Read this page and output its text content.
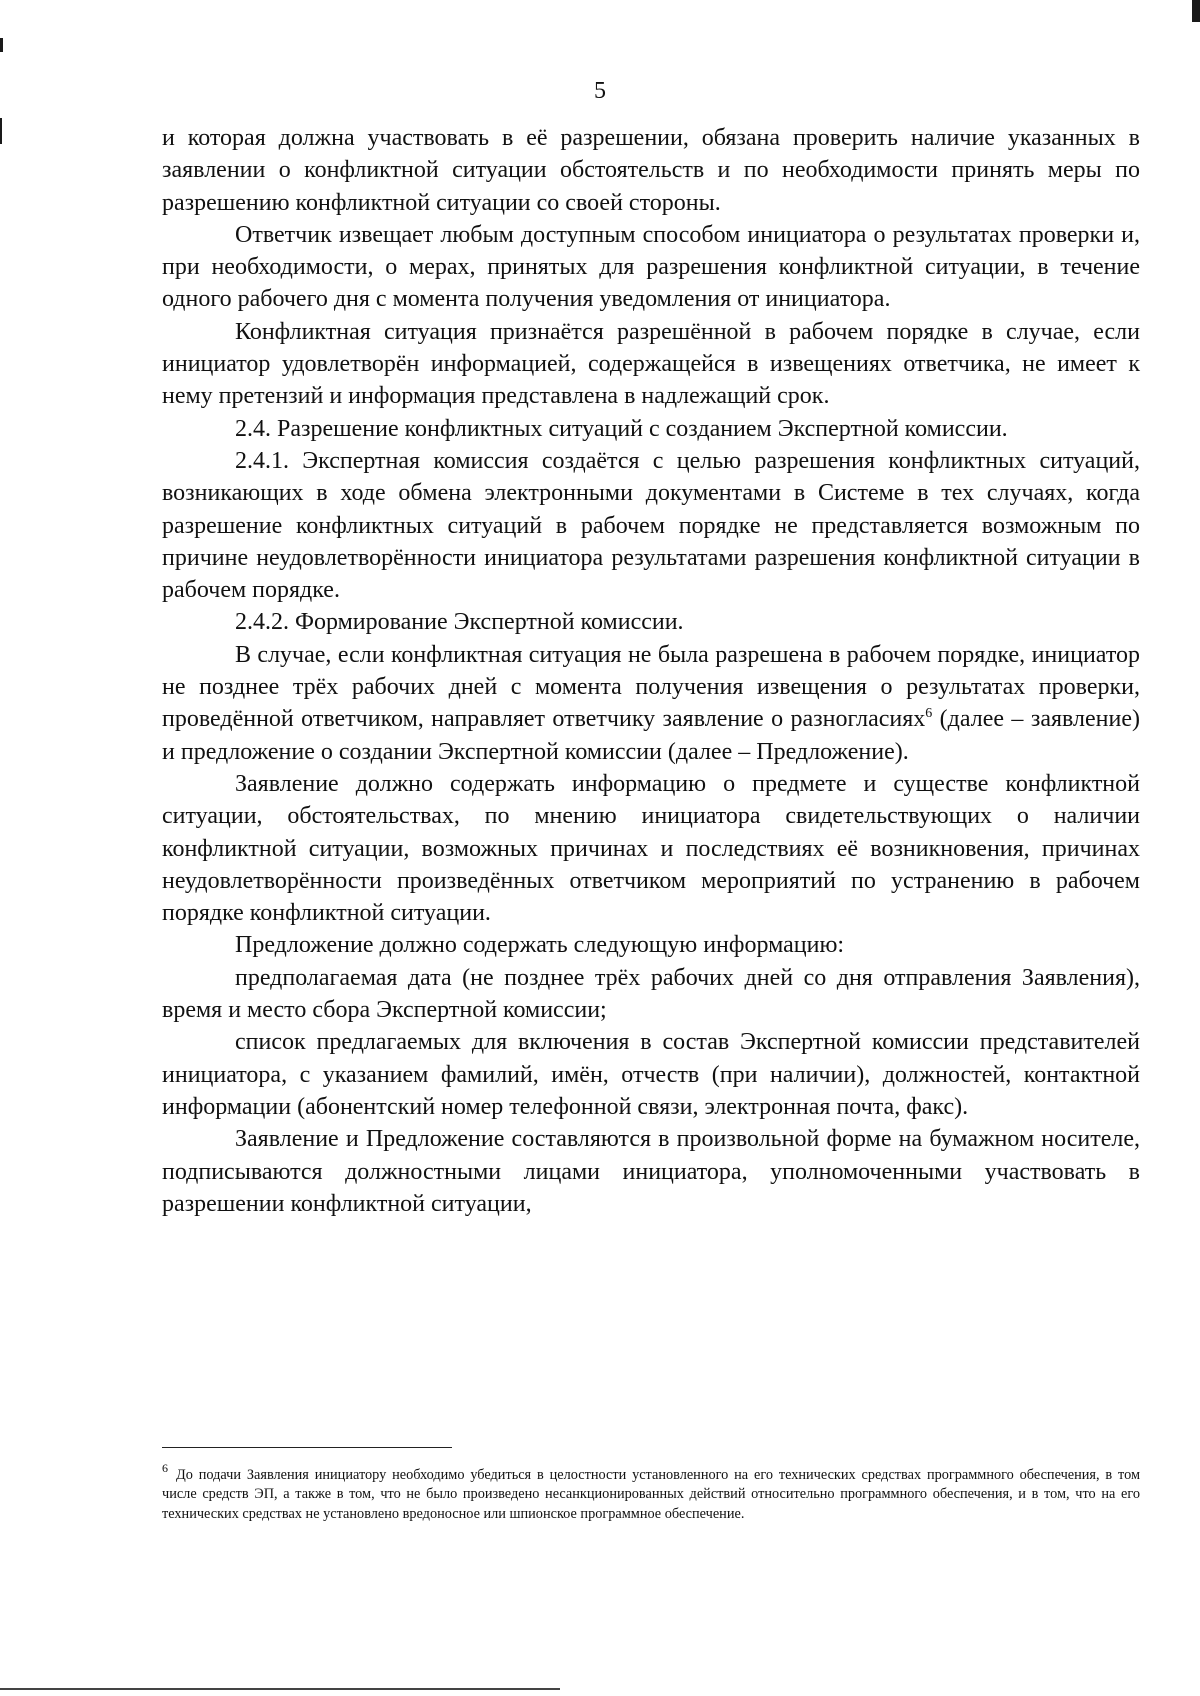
5

и которая должна участвовать в её разрешении, обязана проверить наличие указанных в заявлении о конфликтной ситуации обстоятельств и по необходимости принять меры по разрешению конфликтной ситуации со своей стороны.

Ответчик извещает любым доступным способом инициатора о результатах проверки и, при необходимости, о мерах, принятых для разрешения конфликтной ситуации, в течение одного рабочего дня с момента получения уведомления от инициатора.

Конфликтная ситуация признаётся разрешённой в рабочем порядке в случае, если инициатор удовлетворён информацией, содержащейся в извещениях ответчика, не имеет к нему претензий и информация представлена в надлежащий срок.

2.4. Разрешение конфликтных ситуаций с созданием Экспертной комиссии.

2.4.1. Экспертная комиссия создаётся с целью разрешения конфликтных ситуаций, возникающих в ходе обмена электронными документами в Системе в тех случаях, когда разрешение конфликтных ситуаций в рабочем порядке не представляется возможным по причине неудовлетворённости инициатора результатами разрешения конфликтной ситуации в рабочем порядке.

2.4.2. Формирование Экспертной комиссии.

В случае, если конфликтная ситуация не была разрешена в рабочем порядке, инициатор не позднее трёх рабочих дней с момента получения извещения о результатах проверки, проведённой ответчиком, направляет ответчику заявление о разногласиях$^6$ (далее – заявление) и предложение о создании Экспертной комиссии (далее – Предложение).

Заявление должно содержать информацию о предмете и существе конфликтной ситуации, обстоятельствах, по мнению инициатора свидетельствующих о наличии конфликтной ситуации, возможных причинах и последствиях её возникновения, причинах неудовлетворённости произведённых ответчиком мероприятий по устранению в рабочем порядке конфликтной ситуации.

Предложение должно содержать следующую информацию:

предполагаемая дата (не позднее трёх рабочих дней со дня отправления Заявления), время и место сбора Экспертной комиссии;

список предлагаемых для включения в состав Экспертной комиссии представителей инициатора, с указанием фамилий, имён, отчеств (при наличии), должностей, контактной информации (абонентский номер телефонной связи, электронная почта, факс).

Заявление и Предложение составляются в произвольной форме на бумажном носителе, подписываются должностными лицами инициатора, уполномоченными участвовать в разрешении конфликтной ситуации,

$^6$ До подачи Заявления инициатору необходимо убедиться в целостности установленного на его технических средствах программного обеспечения, в том числе средств ЭП, а также в том, что не было произведено несанкционированных действий относительно программного обеспечения, и в том, что на его технических средствах не установлено вредоносное или шпионское программное обеспечение.
